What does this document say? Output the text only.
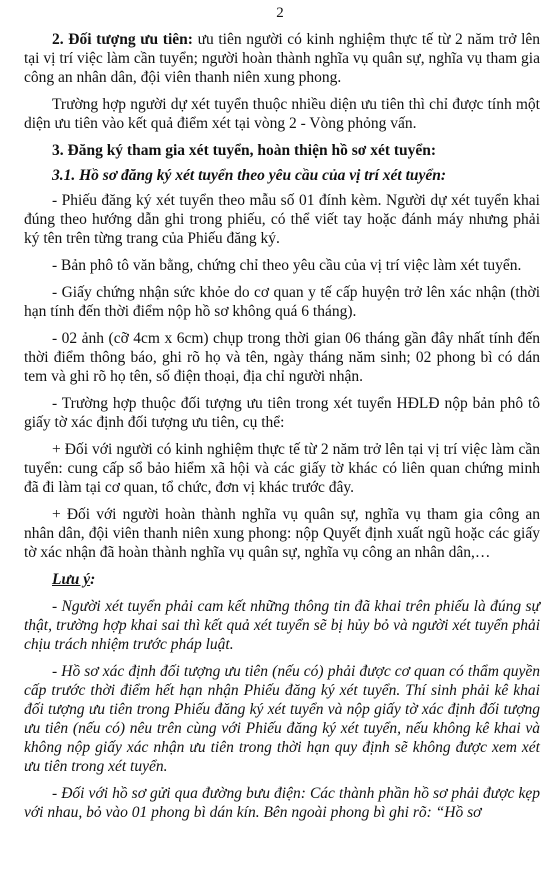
2

2. Đối tượng ưu tiên: ưu tiên người có kinh nghiệm thực tế từ 2 năm trở lên tại vị trí việc làm cần tuyển; người hoàn thành nghĩa vụ quân sự, nghĩa vụ tham gia công an nhân dân, đội viên thanh niên xung phong.

Trường hợp người dự xét tuyển thuộc nhiều diện ưu tiên thì chỉ được tính một diện ưu tiên vào kết quả điểm xét tại vòng 2 - Vòng phỏng vấn.

3. Đăng ký tham gia xét tuyển, hoàn thiện hồ sơ xét tuyển:

3.1. Hồ sơ đăng ký xét tuyển theo yêu cầu của vị trí xét tuyển:

- Phiếu đăng ký xét tuyển theo mẫu số 01 đính kèm. Người dự xét tuyển khai đúng theo hướng dẫn ghi trong phiếu, có thể viết tay hoặc đánh máy nhưng phải ký tên trên từng trang của Phiếu đăng ký.

- Bản phô tô văn bằng, chứng chỉ theo yêu cầu của vị trí việc làm xét tuyển.

- Giấy chứng nhận sức khỏe do cơ quan y tế cấp huyện trở lên xác nhận (thời hạn tính đến thời điểm nộp hồ sơ không quá 6 tháng).

- 02 ảnh (cỡ 4cm x 6cm) chụp trong thời gian 06 tháng gần đây nhất tính đến thời điểm thông báo, ghi rõ họ và tên, ngày tháng năm sinh; 02 phong bì có dán tem và ghi rõ họ tên, số điện thoại, địa chỉ người nhận.

- Trường hợp thuộc đối tượng ưu tiên trong xét tuyển HĐLĐ nộp bản phô tô giấy tờ xác định đối tượng ưu tiên, cụ thể:

+ Đối với người có kinh nghiệm thực tế từ 2 năm trở lên tại vị trí việc làm cần tuyển: cung cấp sổ bảo hiểm xã hội và các giấy tờ khác có liên quan chứng minh đã đi làm tại cơ quan, tổ chức, đơn vị khác trước đây.

+ Đối với người hoàn thành nghĩa vụ quân sự, nghĩa vụ tham gia công an nhân dân, đội viên thanh niên xung phong: nộp Quyết định xuất ngũ hoặc các giấy tờ xác nhận đã hoàn thành nghĩa vụ quân sự, nghĩa vụ công an nhân dân,…

Lưu ý:

- Người xét tuyển phải cam kết những thông tin đã khai trên phiếu là đúng sự thật, trường hợp khai sai thì kết quả xét tuyển sẽ bị hủy bỏ và người xét tuyển phải chịu trách nhiệm trước pháp luật.

- Hồ sơ xác định đối tượng ưu tiên (nếu có) phải được cơ quan có thẩm quyền cấp trước thời điểm hết hạn nhận Phiếu đăng ký xét tuyển. Thí sinh phải kê khai đối tượng ưu tiên trong Phiếu đăng ký xét tuyển và nộp giấy tờ xác định đối tượng ưu tiên (nếu có) nêu trên cùng với Phiếu đăng ký xét tuyển, nếu không kê khai và không nộp giấy xác nhận ưu tiên trong thời hạn quy định sẽ không được xem xét ưu tiên trong xét tuyển.

- Đối với hồ sơ gửi qua đường bưu điện: Các thành phần hồ sơ phải được kẹp với nhau, bỏ vào 01 phong bì dán kín. Bên ngoài phong bì ghi rõ: “Hồ sơ
